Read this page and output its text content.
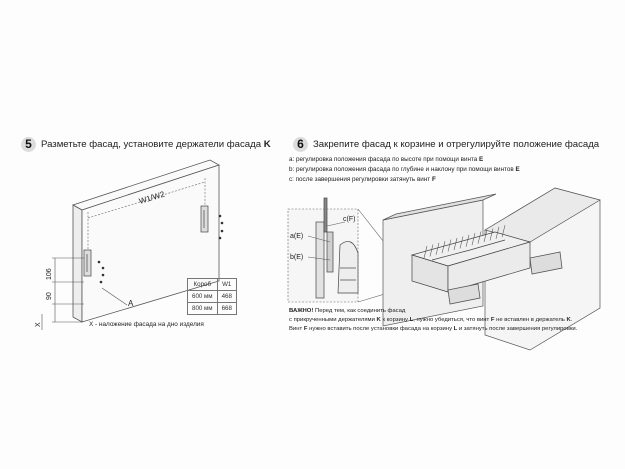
5 Разметьте фасад, установите держатели фасада K
W1/W2
106
90
X
A
Короб	W1
600 мм	468
800 мм	668
X - наложение фасада на дно изделия
6 Закрепите фасад к корзине и отрегулируйте положение фасада
a: регулировка положения фасада по высоте при помощи винта E
b: регулировка положения фасада по глубине и наклону при помощи винтов E
c: после завершения регулировки затянуть винт F
a(E)
b(E)
c(F)
ВАЖНО! Перед тем, как соединить фасад
с прикрученными держателями K к корзину L, нужно убедиться, что винт F не вставлен в держатель K.
Винт F нужно вставить после установки фасада на корзину L и затянуть после завершения регулировки.
